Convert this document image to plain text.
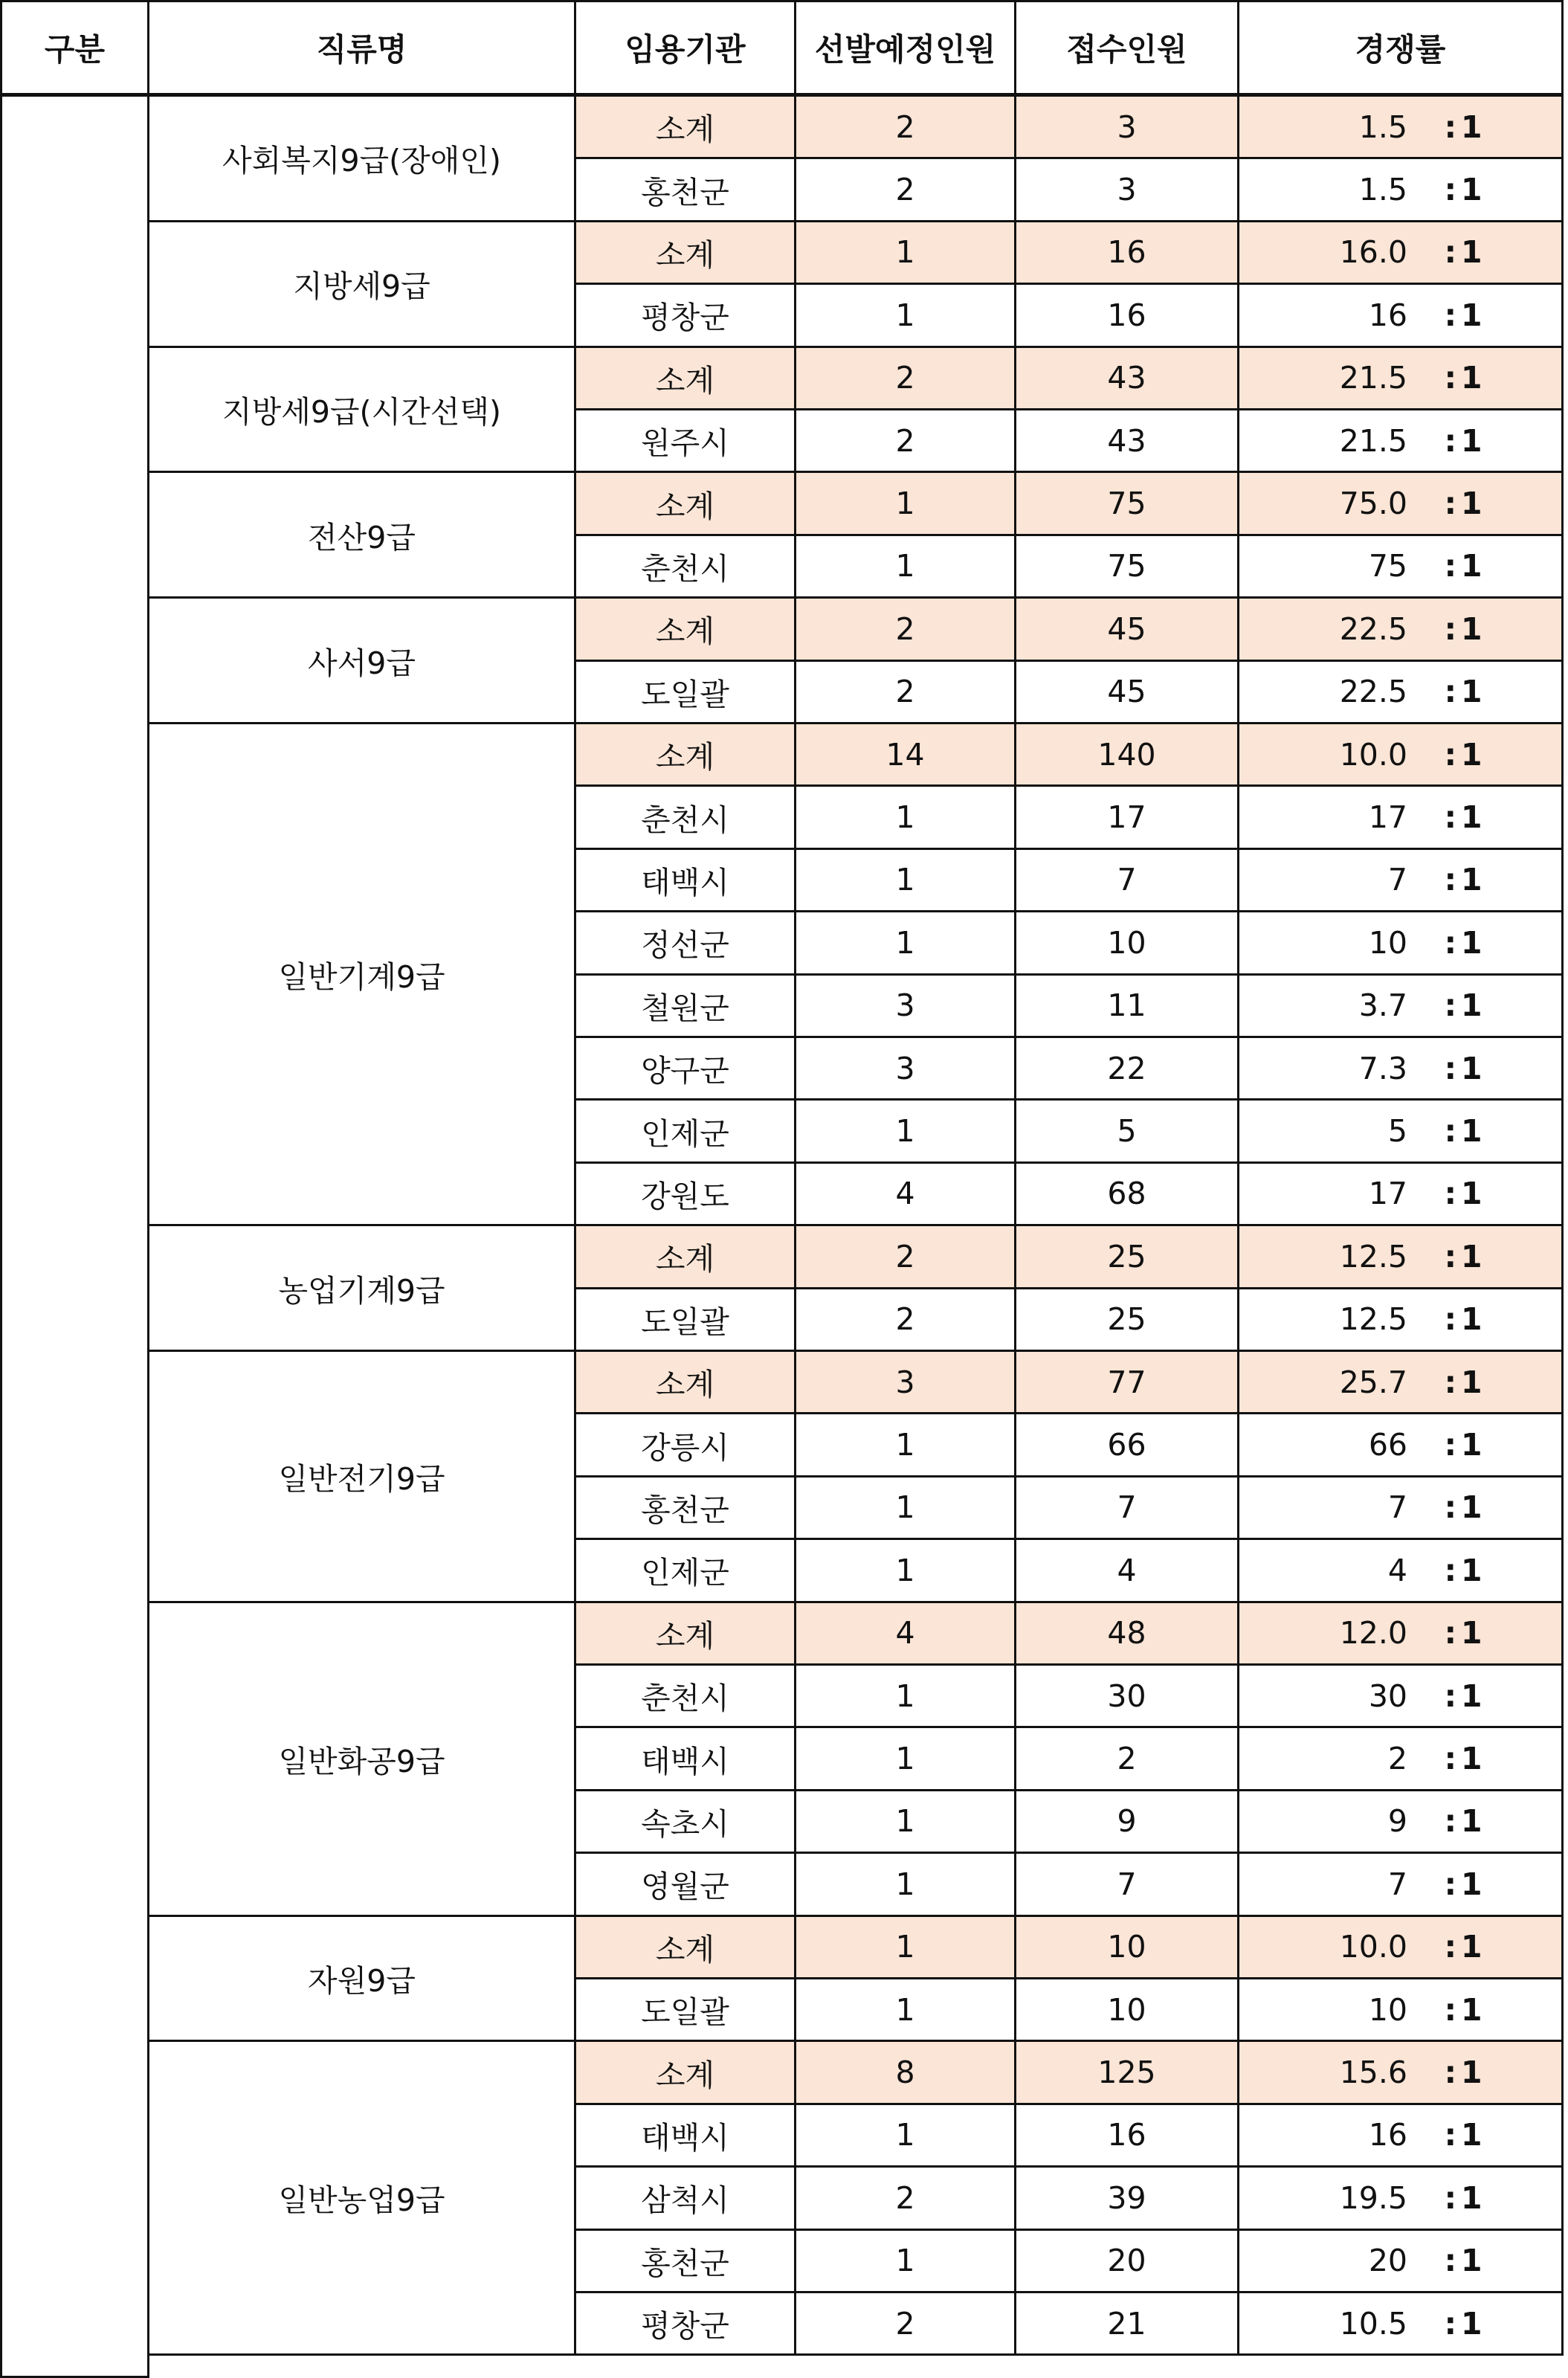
구분	직류명	임용기관	선발예정인원	접수인원	경쟁률
사회복지9급(장애인)
소계	2	3	1.5	: 1
홍천군	2	3	1.5	: 1
지방세9급
소계	1	16	16.0	: 1
평창군	1	16	16	: 1
지방세9급(시간선택)
소계	2	43	21.5	: 1
원주시	2	43	21.5	: 1
전산9급
소계	1	75	75.0	: 1
춘천시	1	75	75	: 1
사서9급
소계	2	45	22.5	: 1
도일괄	2	45	22.5	: 1
일반기계9급
소계	14	140	10.0	: 1
춘천시	1	17	17	: 1
태백시	1	7	7	: 1
정선군	1	10	10	: 1
철원군	3	11	3.7	: 1
양구군	3	22	7.3	: 1
인제군	1	5	5	: 1
강원도	4	68	17	: 1
농업기계9급
소계	2	25	12.5	: 1
도일괄	2	25	12.5	: 1
일반전기9급
소계	3	77	25.7	: 1
강릉시	1	66	66	: 1
홍천군	1	7	7	: 1
인제군	1	4	4	: 1
일반화공9급
소계	4	48	12.0	: 1
춘천시	1	30	30	: 1
태백시	1	2	2	: 1
속초시	1	9	9	: 1
영월군	1	7	7	: 1
자원9급
소계	1	10	10.0	: 1
도일괄	1	10	10	: 1
일반농업9급
소계	8	125	15.6	: 1
태백시	1	16	16	: 1
삼척시	2	39	19.5	: 1
홍천군	1	20	20	: 1
평창군	2	21	10.5	: 1
